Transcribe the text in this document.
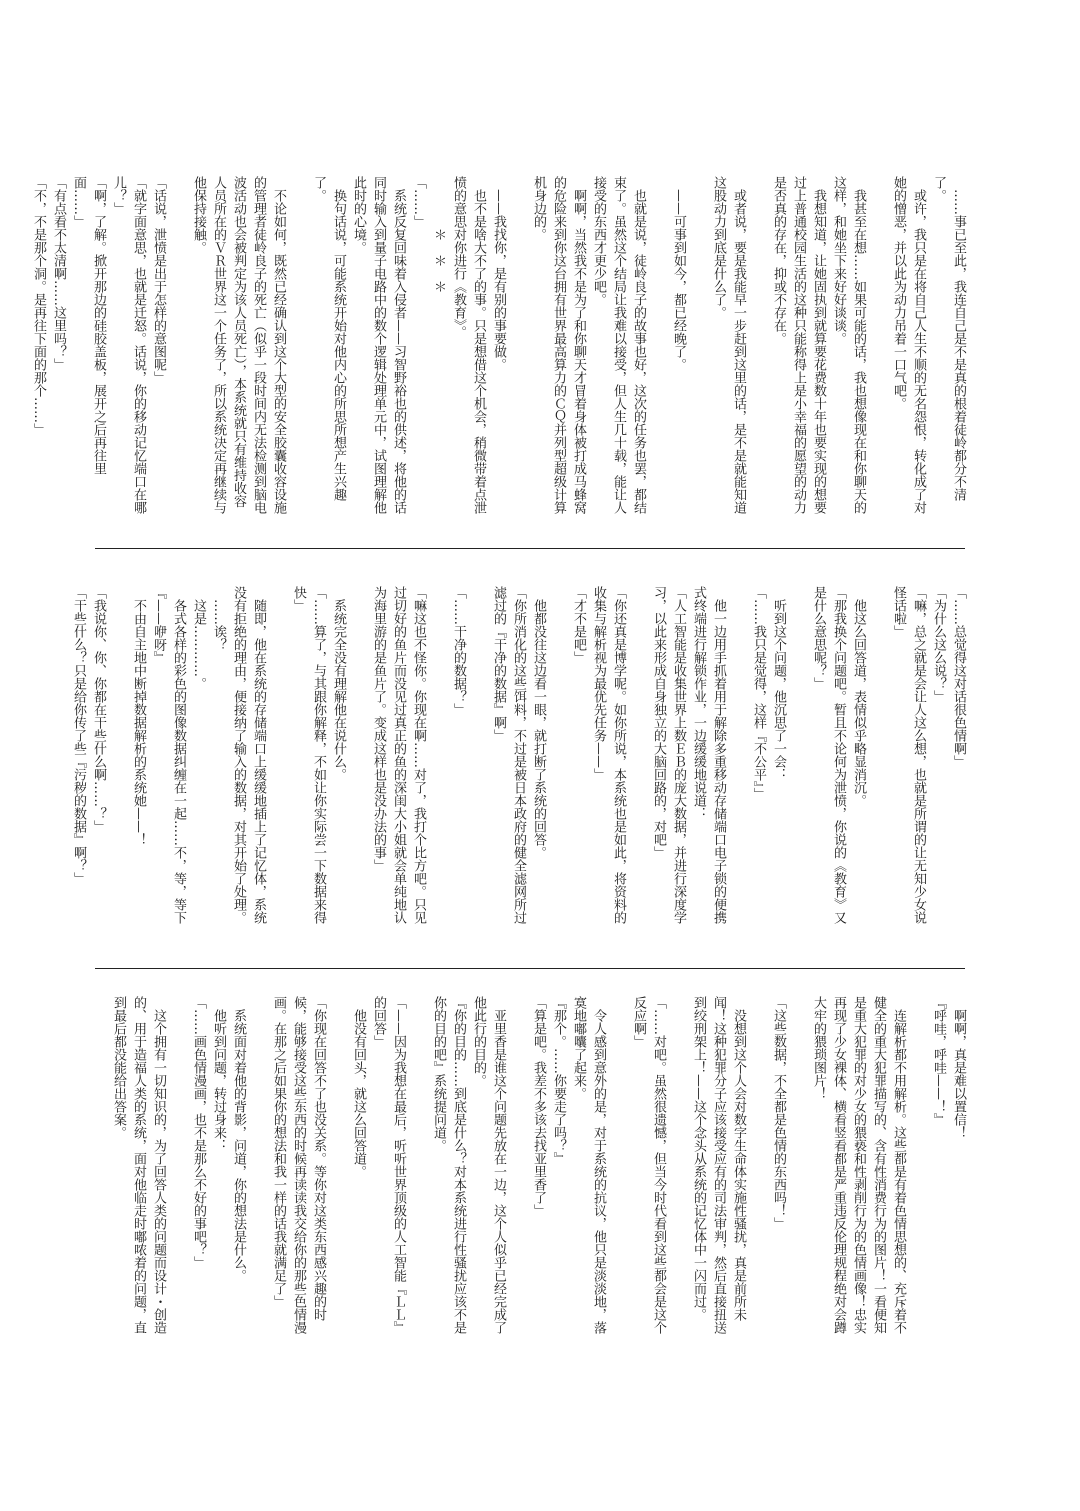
……事已至此，我连自己是不是真的根着徒岭都分不清了。

或许，我只是在将自己人生不顺的无名怨恨，转化成了对她的憎恶，并以此为动力吊着一口气吧。

我甚至在想……如果可能的话，我也想像现在和你聊天的这样，和她坐下来好好谈谈。

我想知道，让她固执到就算要花费数十年也要实现的想要过上普通校园生活的这种只能称得上是小幸福的愿望的动力是否真的存在，抑或不存在。

或者说，要是我能早一步赶到这里的话，是不是就能知道这股动力到底是什么了。

——可事到如今，都已经晚了。

也就是说，徒岭良子的故事也好，这次的任务也罢，都结束了。虽然这个结局让我难以接受，但人生几十载，能让人接受的东西才更少吧。

啊啊，当然我不是为了和你聊天才冒着身体被打成马蜂窝的危险来到你这台拥有世界最高算力的ＣＱ并列型超级计算机身边的。

——我找你，是有别的事要做。

也不是啥大不了的事。只是想借这个机会，稍微带着点泄愤的意思对你进行《教育》。

＊＊＊

「……」

系统反复回味着入侵者——习智野裕也的供述，将他的话同时输入到量子电路中的数个逻辑处理单元中，试图理解他此时的心境。

换句话说，可能系统开始对他内心的所思所想产生兴趣了。

不论如何，既然已经确认到这个大型的安全胶囊收容设施的管理者徒岭良子的死亡（似乎一段时间内无法检测到脑电波活动也会被判定为该人员死亡），本系统就只有维持收容人员所在的ＶＲ世界这一个任务了，所以系统决定再继续与他保持接触。

「话说，泄愤是出于怎样的意图呢」

「就字面意思，也就是迁怒。话说，你的移动记忆端口在哪儿？」

「啊，了解。掀开那边的硅胶盖板，展开之后再往里面……」

「有点看不太清啊……这里吗？」

「不，不是那个洞。是再往下面的那个……」

「……总觉得这对话很色情啊」

「为什么这么说？」

「嘛，总之就是会让人这么想，也就是所谓的让无知少女说怪话啦」

他这么回答道，表情似乎略显消沉。

「那我换个问题吧。暂且不论何为泄愤，你说的《教育》又是什么意思呢？」

听到这个问题，他沉思了一会：

「……我只是觉得，这样『不公平』」

他一边用手抓着用于解除多重移动存储端口电子锁的便携式终端进行解锁作业，一边缓缓地说道：

「人工智能是收集世界上数ＥＢ的庞大数据，并进行深度学习，以此来形成自身独立的大脑回路的，对吧」

「你还真是博学呢。如你所说，本系统也是如此，将资料的收集与解析视为最优先任务——」

「才不是吧」

他都没往这边看一眼，就打断了系统的回答。

「你所消化的这些饵料，不过是被日本政府的健全滤网所过滤过的『干净的数据』啊」

「……干净的数据？」

「嘛这也不怪你。你现在啊……对了，我打个比方吧。只见过切好的鱼片而没见过真正的鱼的深闺大小姐就会单纯地认为海里游的是鱼片了。变成这样也是没办法的事」

系统完全没有理解他在说什么。

「……算了，与其跟你解释，不如让你实际尝一下数据来得快」

随即，他在系统的存储端口上缓缓地插上了记忆体，系统没有拒绝的理由，便接纳了输入的数据，对其开始了处理。

……诶？

这是…………。

各式各样的彩色的图像数据纠缠在一起……不，等，等下

『——咿呀』

不由自主地中断掉数据解析的系统她——！

「我说你、你、你都在干些什么啊……？」

「干些什么？只是给你传了些『污秽的数据』啊？」

啊啊，真是难以置信！

『呼哇，呼哇——！』

连解析都不用解析。这些都是有着色情思想的、充斥着不健全的重大犯罪描写的、含有性消费行为的图片！一看便知是重大犯罪的对少女的猥亵和性剥削行为的色情画像！忠实再现了少女裸体、横看竖看都是严重违反伦理规程绝对会蹲大牢的猥琐图片！

「这些数据，不全都是色情的东西吗！」

没想到这个人会对数字生命体实施性骚扰，真是前所未闻！这种犯罪分子应该接受应有的司法审判，然后直接扭送到绞刑架上！——这个念头从系统的记忆体中一闪而过。

「……对吧。虽然很遗憾，但当今时代看到这些都会是这个反应啊」

令人感到意外的是，对于系统的抗议，他只是淡淡地，落寞地嘟囔了起来。

『那个。……你要走了吗？』

「算是吧。我差不多该去找亚里香了」

亚里香是谁这个问题先放在一边，这个人似乎已经完成了他此行的目的。

『你的目的……到底是什么？对本系统进行性骚扰应该不是你的目的吧』系统提问道。

「——因为我想在最后，听听世界顶级的人工智能『ＬＬ』的回答」

他没有回头，就这么回答道。

「你现在回答不了也没关系。等你对这类东西感兴趣的时候，能够接受这些东西的时候再读读我交给你的那些色情漫画。在那之后如果你的想法和我一样的话我就满足了」

系统面对着他的背影，问道，你的想法是什么。

他听到问题，转过身来：

「……画色情漫画，也不是那么不好的事吧？」

这个拥有一切知识的，为了回答人类的问题而设计・创造的、用于造福人类的系统，面对他临走时嘟哝着的问题，直到最后都没能给出答案。
